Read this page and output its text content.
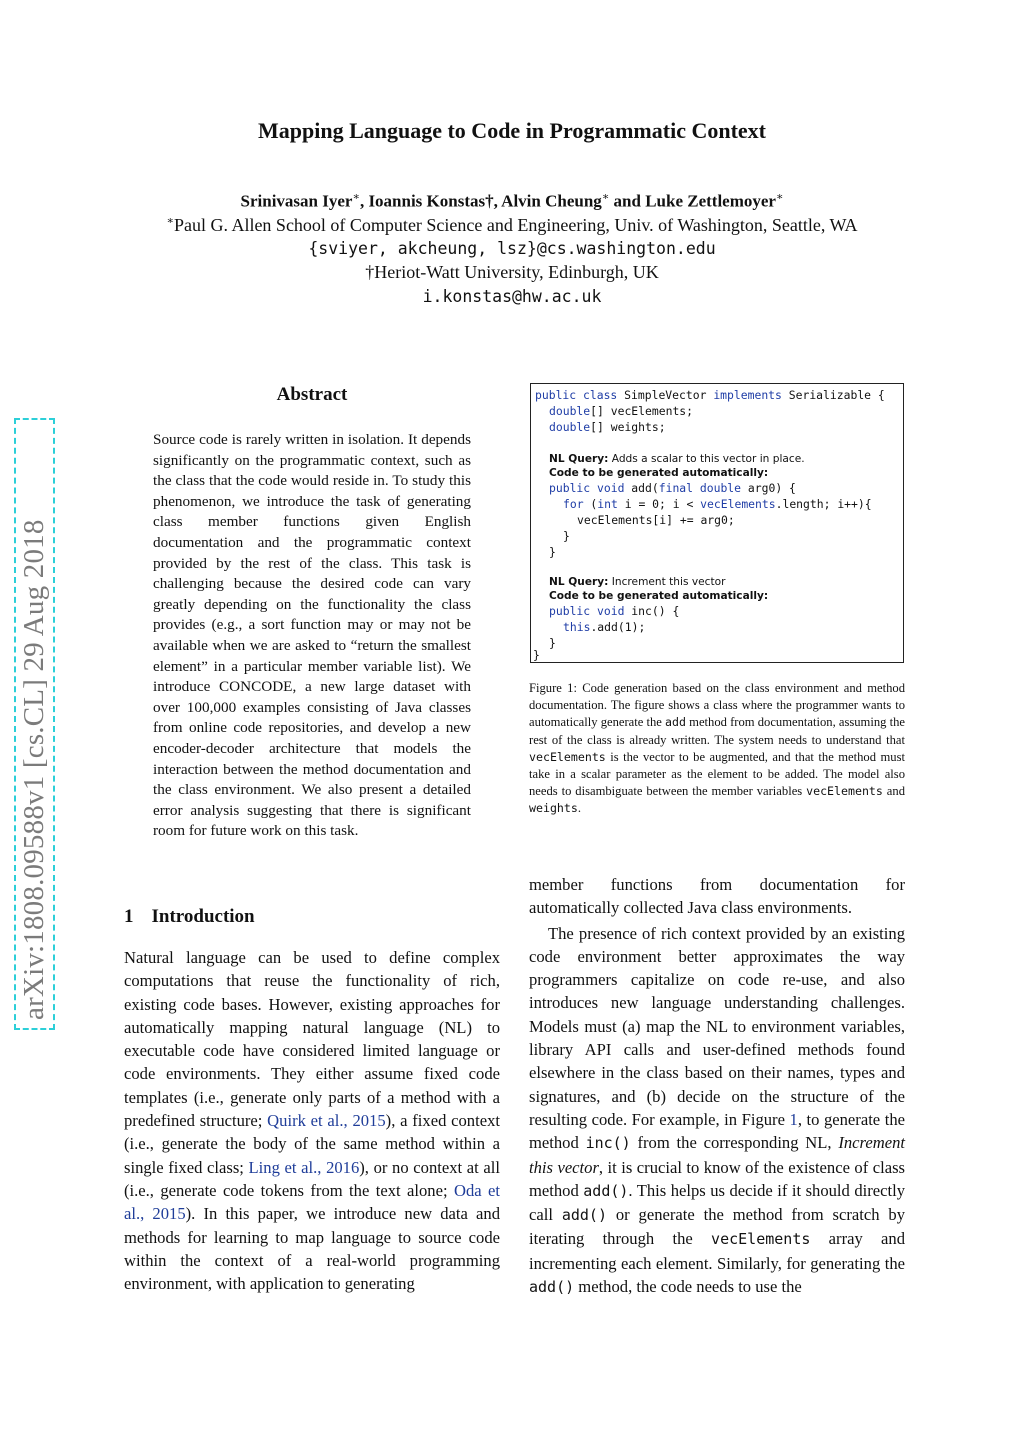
Mapping Language to Code in Programmatic Context
Srinivasan Iyer∗, Ioannis Konstas†, Alvin Cheung∗ and Luke Zettlemoyer∗
∗Paul G. Allen School of Computer Science and Engineering, Univ. of Washington, Seattle, WA
{sviyer, akcheung, lsz}@cs.washington.edu
†Heriot-Watt University, Edinburgh, UK
i.konstas@hw.ac.uk
arXiv:1808.09588v1 [cs.CL] 29 Aug 2018
Abstract
Source code is rarely written in isolation. It depends significantly on the programmatic context, such as the class that the code would reside in. To study this phenomenon, we introduce the task of generating class member functions given English documentation and the programmatic context provided by the rest of the class. This task is challenging because the desired code can vary greatly depending on the functionality the class provides (e.g., a sort function may or may not be available when we are asked to “return the smallest element” in a particular member variable list). We introduce CONCODE, a new large dataset with over 100,000 examples consisting of Java classes from online code repositories, and develop a new encoder-decoder architecture that models the interaction between the method documentation and the class environment. We also present a detailed error analysis suggesting that there is significant room for future work on this task.
public class SimpleVector implements Serializable {
double[] vecElements;
double[] weights;
NL Query: Adds a scalar to this vector in place.
Code to be generated automatically:
public void add(final double arg0) {
for (int i = 0; i < vecElements.length; i++){
vecElements[i] += arg0;
}
}
NL Query: Increment this vector
Code to be generated automatically:
public void inc() {
this.add(1);
}
}
Figure 1: Code generation based on the class environment and method documentation. The figure shows a class where the programmer wants to automatically generate the add method from documentation, assuming the rest of the class is already written. The system needs to understand that vecElements is the vector to be augmented, and that the method must take in a scalar parameter as the element to be added. The model also needs to disambiguate between the member variables vecElements and weights.
1 Introduction

Natural language can be used to define complex computations that reuse the functionality of rich, existing code bases. However, existing approaches for automatically mapping natural language (NL) to executable code have considered limited language or code environments. They either assume fixed code templates (i.e., generate only parts of a method with a predefined structure; Quirk et al., 2015), a fixed context (i.e., generate the body of the same method within a single fixed class; Ling et al., 2016), or no context at all (i.e., generate code tokens from the text alone; Oda et al., 2015). In this paper, we introduce new data and methods for learning to map language to source code within the context of a real-world programming environment, with application to generating

member functions from documentation for automatically collected Java class environments.

The presence of rich context provided by an existing code environment better approximates the way programmers capitalize on code re-use, and also introduces new language understanding challenges. Models must (a) map the NL to environment variables, library API calls and user-defined methods found elsewhere in the class based on their names, types and signatures, and (b) decide on the structure of the resulting code. For example, in Figure 1, to generate the method inc() from the corresponding NL, Increment this vector, it is crucial to know of the existence of class method add(). This helps us decide if it should directly call add() or generate the method from scratch by iterating through the vecElements array and incrementing each element. Similarly, for generating the add() method, the code needs to use the
